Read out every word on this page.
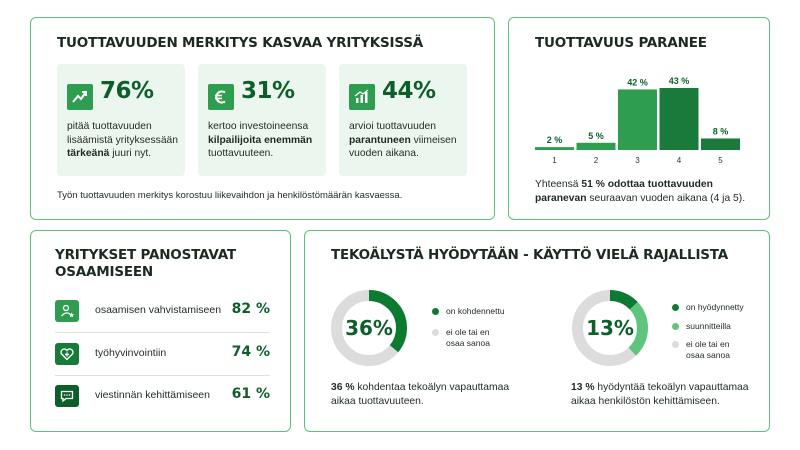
TUOTTAVUUDEN MERKITYS KASVAA YRITYKSISSÄ
76%
pitää tuottavuuden lisäämistä yrityksessään tärkeänä juuri nyt.
31%
kertoo investoineensa kilpailijoita enemmän tuottavuuteen.
44%
arvioi tuottavuuden parantuneen viimeisen vuoden aikana.
Työn tuottavuuden merkitys korostuu liikevaihdon ja henkilöstömäärän kasvaessa.
TUOTTAVUUS PARANEE
2 %
1
5 %
2
42 %
3
43 %
4
8 %
5
Yhteensä 51 % odottaa tuottavuuden paranevan seuraavan vuoden aikana (4 ja 5).
YRITYKSET PANOSTAVAT
OSAAMISEEN
osaamisen vahvistamiseen 82 %
työhyvinvointiin	74 %
viestinnän kehittämiseen 61 %
TEKOÄLYSTÄ HYÖDYTÄÄN - KÄYTTÖ VIELÄ RAJALLISTA
36%
on kohdennettu
ei ole tai en osaa sanoa
36 % kohdentaa tekoälyn vapauttamaa aikaa tuottavuuteen.
13%
on hyödynnetty
suunnitteilla
ei ole tai en osaa sanoa
13 % hyödyntää tekoälyn vapauttamaa aikaa henkilöstön kehittämiseen.
